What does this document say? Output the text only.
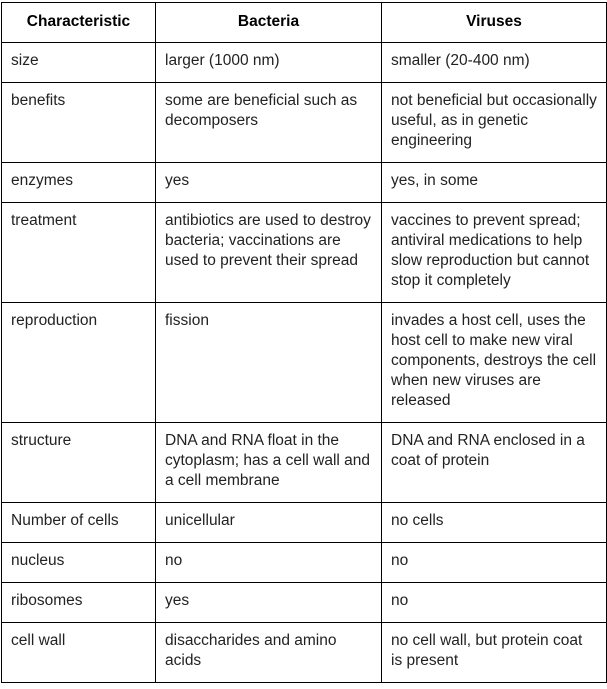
Characteristic	Bacteria	Viruses
size	larger (1000 nm)	smaller (20-400 nm)
benefits	some are beneficial such as decomposers	not beneficial but occasionally useful, as in genetic engineering
enzymes	yes	yes, in some
treatment	antibiotics are used to destroy bacteria; vaccinations are used to prevent their spread	vaccines to prevent spread; antiviral medications to help slow reproduction but cannot stop it completely
reproduction	fission	invades a host cell, uses the host cell to make new viral components, destroys the cell when new viruses are released
structure	DNA and RNA float in the cytoplasm; has a cell wall and a cell membrane	DNA and RNA enclosed in a coat of protein
Number of cells	unicellular	no cells
nucleus	no	no
ribosomes	yes	no
cell wall	disaccharides and amino acids	no cell wall, but protein coat is present
